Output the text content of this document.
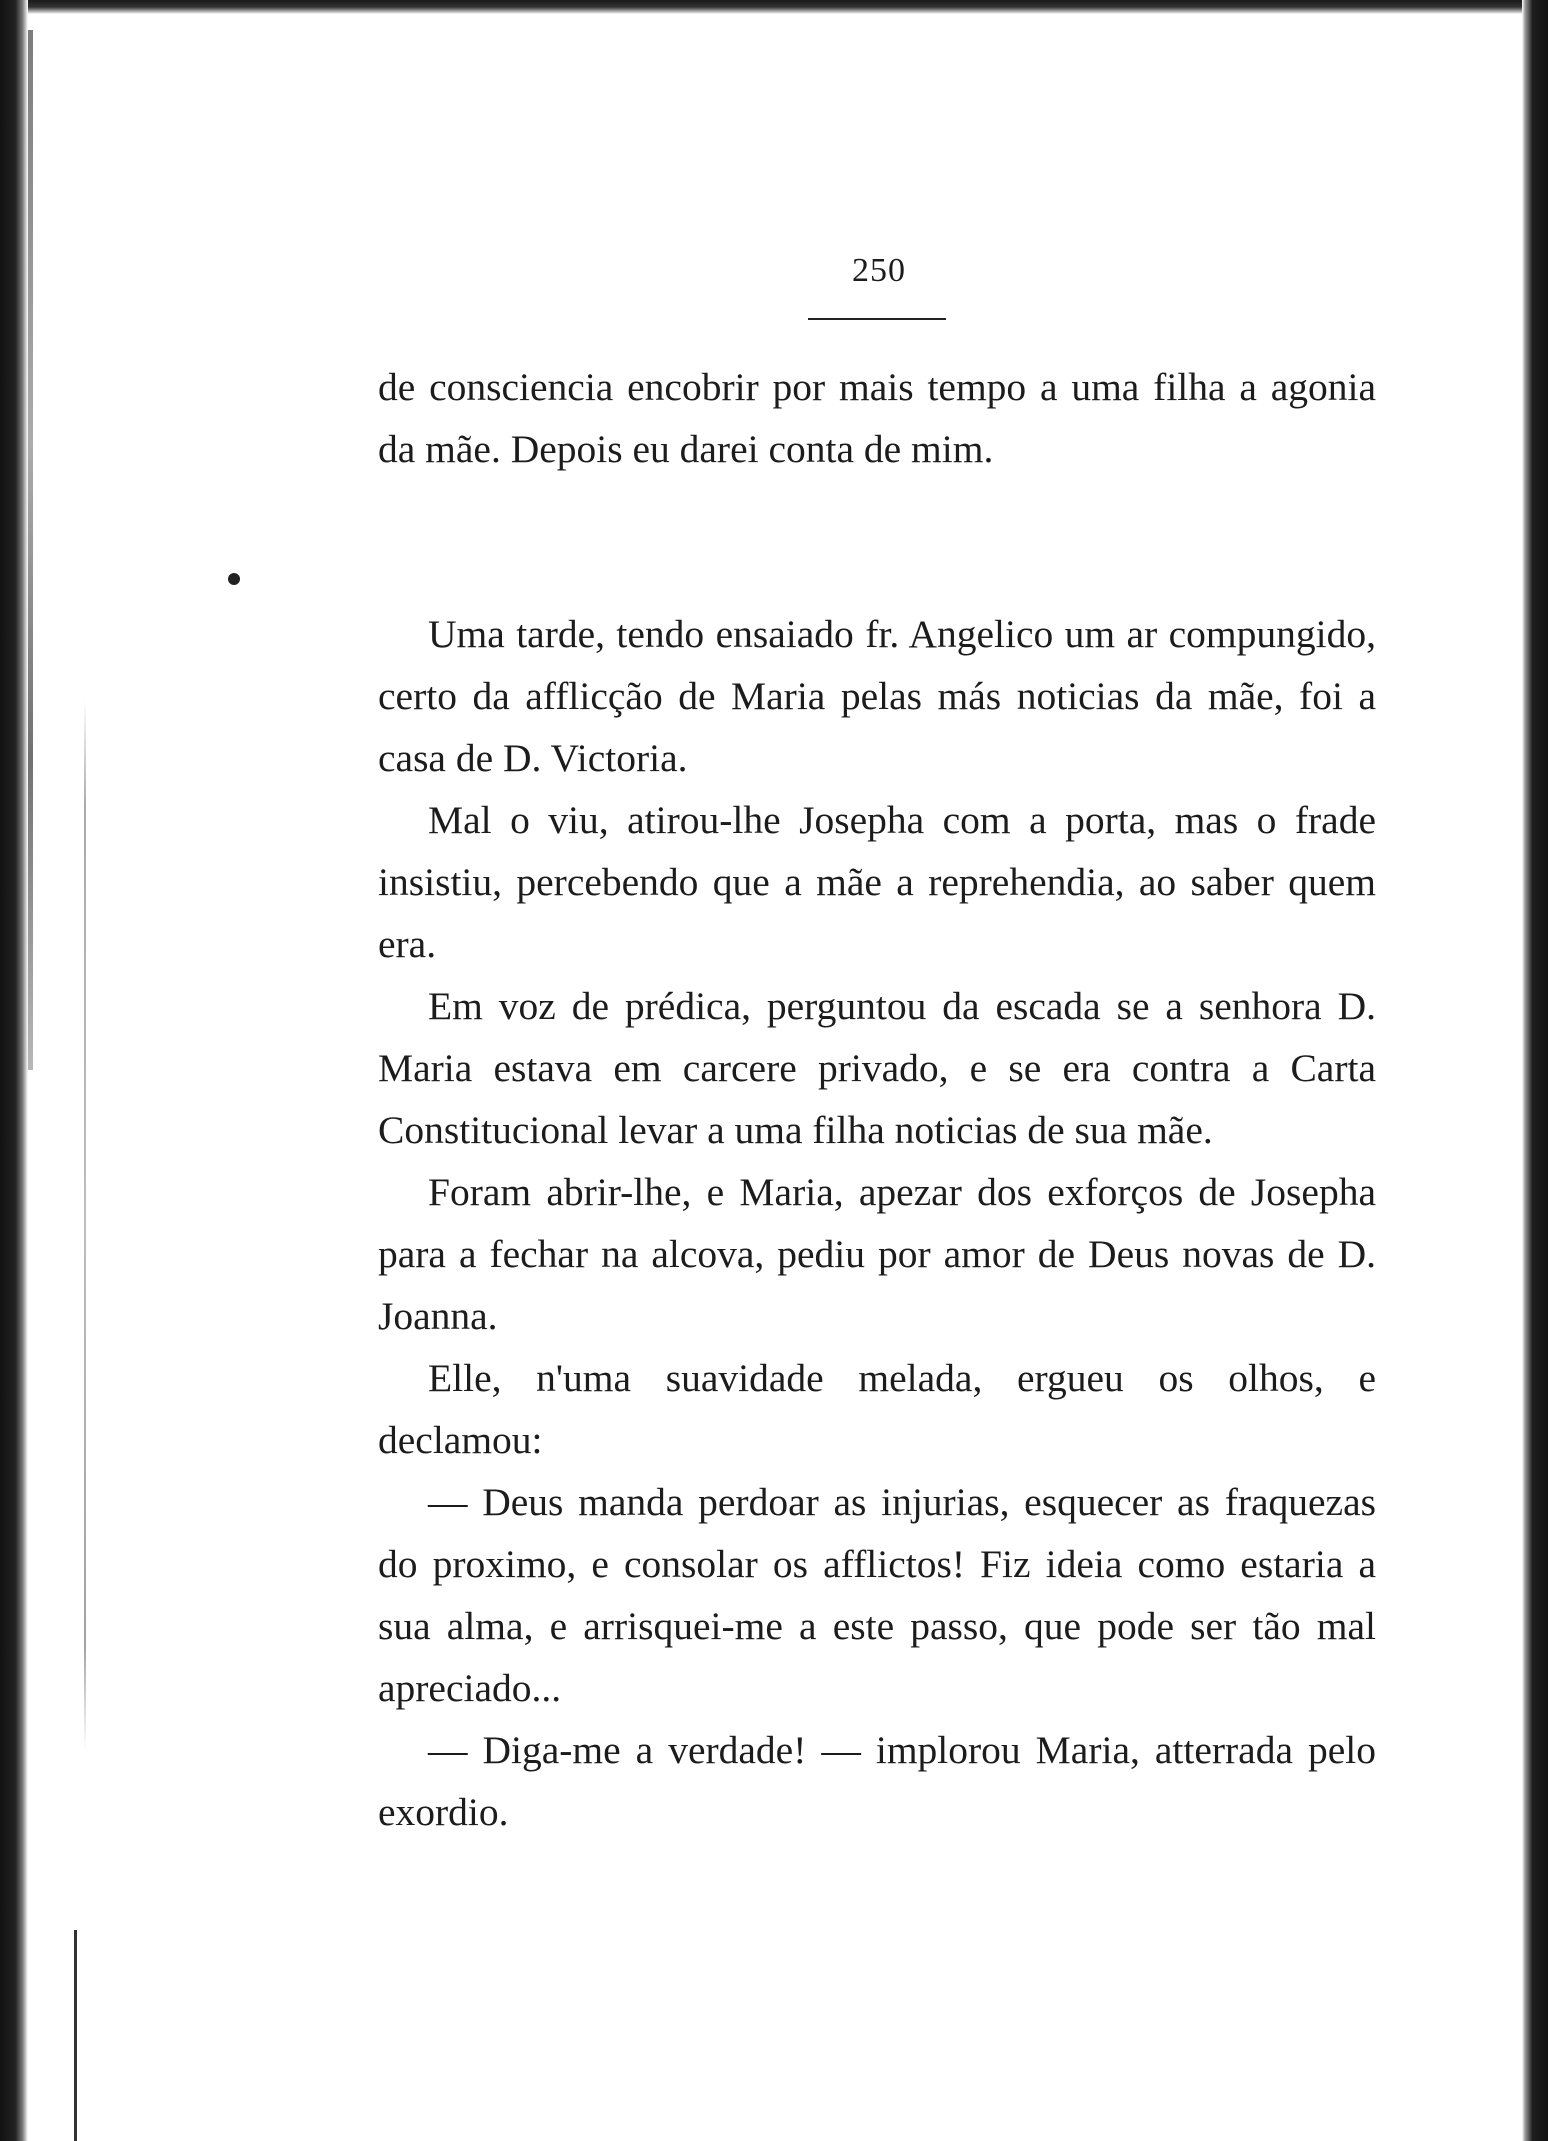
250

de consciencia encobrir por mais tempo a uma filha a agonia da mãe. Depois eu darei conta de mim.

Uma tarde, tendo ensaiado fr. Angelico um ar compungido, certo da afflicção de Maria pelas más noticias da mãe, foi a casa de D. Victoria.

Mal o viu, atirou-lhe Josepha com a porta, mas o frade insistiu, percebendo que a mãe a reprehendia, ao saber quem era.

Em voz de prédica, perguntou da escada se a senhora D. Maria estava em carcere privado, e se era contra a Carta Constitucional levar a uma filha noticias de sua mãe.

Foram abrir-lhe, e Maria, apezar dos exforços de Josepha para a fechar na alcova, pediu por amor de Deus novas de D. Joanna.

Elle, n'uma suavidade melada, ergueu os olhos, e declamou:

— Deus manda perdoar as injurias, esquecer as fraquezas do proximo, e consolar os afflictos! Fiz ideia como estaria a sua alma, e arrisquei-me a este passo, que pode ser tão mal apreciado...

— Diga-me a verdade! — implorou Maria, atterrada pelo exordio.
